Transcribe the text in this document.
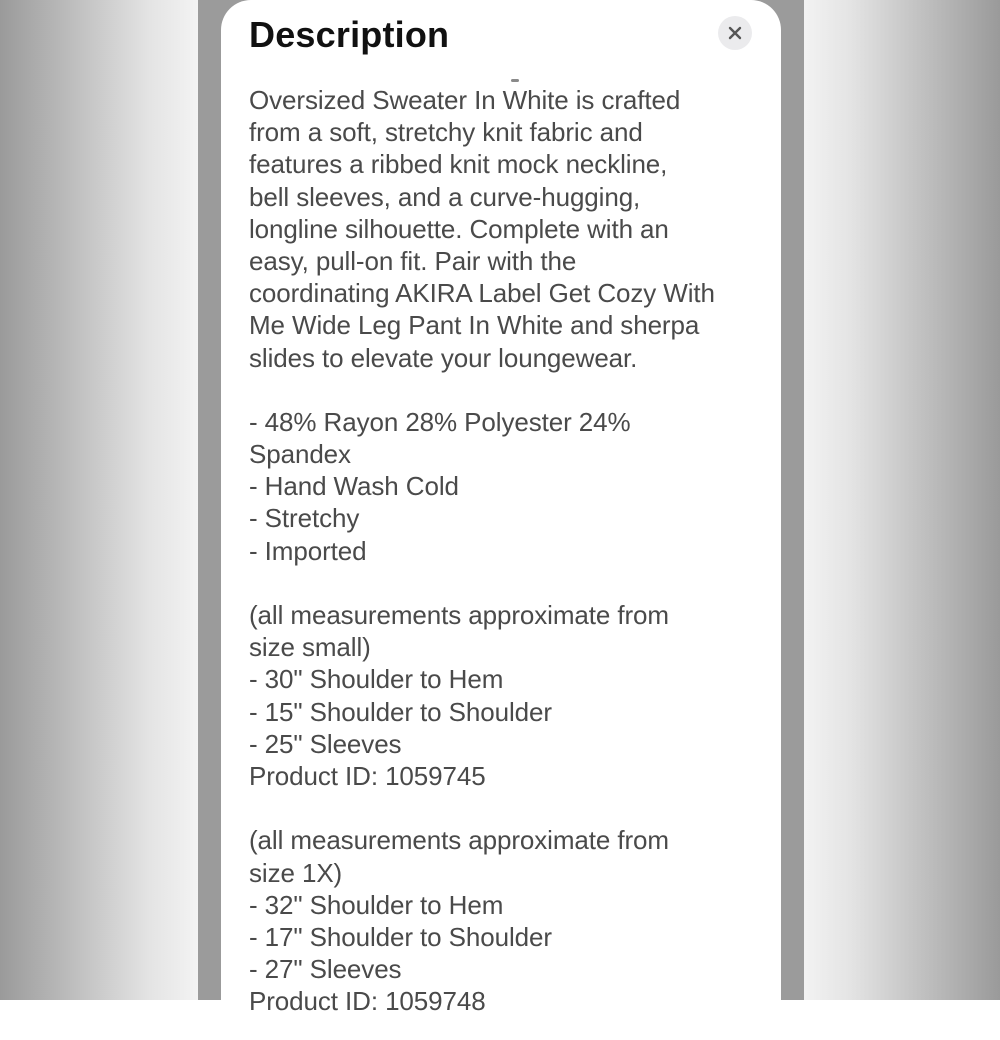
Description
Oversized Sweater In White is crafted
from a soft, stretchy knit fabric and
features a ribbed knit mock neckline,
bell sleeves, and a curve-hugging,
longline silhouette. Complete with an
easy, pull-on fit. Pair with the
coordinating AKIRA Label Get Cozy With
Me Wide Leg Pant In White and sherpa
slides to elevate your loungewear.
- 48% Rayon 28% Polyester 24%
Spandex
- Hand Wash Cold
- Stretchy
- Imported
(all measurements approximate from
size small)
- 30" Shoulder to Hem
- 15" Shoulder to Shoulder
- 25" Sleeves
Product ID: 1059745
(all measurements approximate from
size 1X)
- 32" Shoulder to Hem
- 17" Shoulder to Shoulder
- 27" Sleeves
Product ID: 1059748
